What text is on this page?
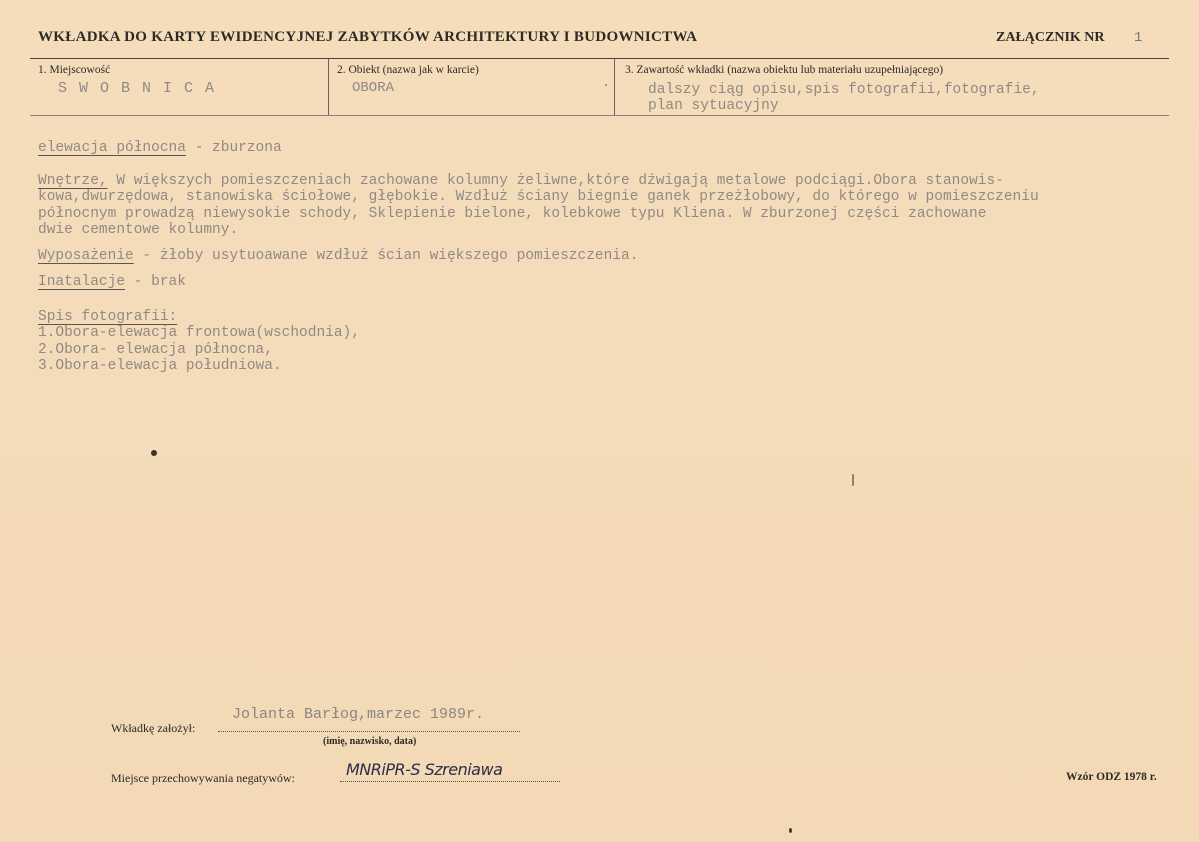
WKŁADKA DO KARTY EWIDENCYJNEJ ZABYTKÓW ARCHITEKTURY I BUDOWNICTWA	ZAŁĄCZNIK NR 1
1. Miejscowość
SWOBNICA
2. Obiekt (nazwa jak w karcie)
OBORA	·
3. Zawartość wkładki (nazwa obiektu lub materiału uzupełniającego)
dalszy ciąg opisu,spis fotografii,fotografie,
plan sytuacyjny
elewacja północna - zburzona
Wnętrze, W większych pomieszczeniach zachowane kolumny żeliwne,które dźwigają metalowe podciągi.Obora stanowis-
kowa,dwurzędowa, stanowiska ściołowe, głębokie. Wzdłuż ściany biegnie ganek przeżłobowy, do którego w pomieszczeniu
północnym prowadzą niewysokie schody, Sklepienie bielone, kolebkowe typu Kliena. W zburzonej części zachowane
dwie cementowe kolumny.
Wyposażenie - żłoby usytuoawane wzdłuż ścian większego pomieszczenia.
Inatalacje - brak
Spis fotografii:
1.Obora-elewacja frontowa(wschodnia),
2.Obora- elewacja północna,
3.Obora-elewacja południowa.
Wkładkę założył:
Jolanta Barłog,marzec 1989r.
(imię, nazwisko, data)
Miejsce przechowywania negatywów:	MNRiPR-S Szreniawa	Wzór ODZ 1978 r.
